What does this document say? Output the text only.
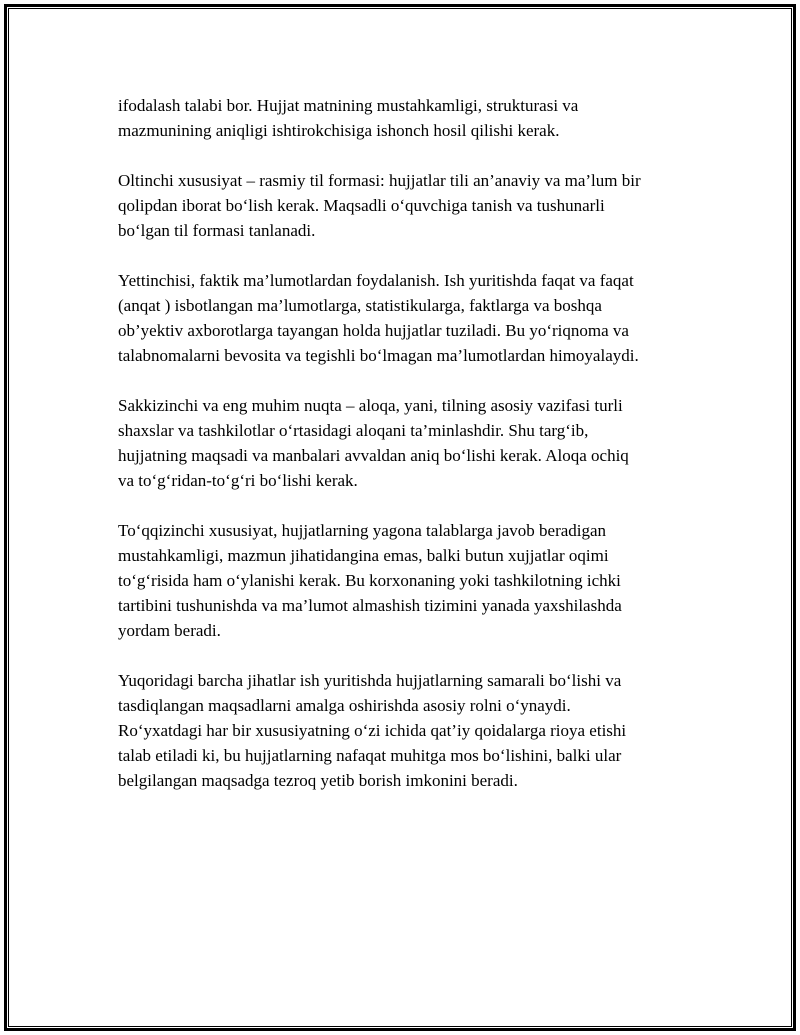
ifodalash talabi bor. Hujjat matnining mustahkamligi, strukturasi va
mazmunining aniqligi ishtirokchisiga ishonch hosil qilishi kerak.

Oltinchi xususiyat – rasmiy til formasi: hujjatlar tili an’anaviy va ma’lum bir
qolipdan iborat bo‘lish kerak. Maqsadli o‘quvchiga tanish va tushunarli
bo‘lgan til formasi tanlanadi.

Yettinchisi, faktik ma’lumotlardan foydalanish. Ish yuritishda faqat va faqat
(anqat ) isbotlangan ma’lumotlarga, statistikularga, faktlarga va boshqa
ob’yektiv axborotlarga tayangan holda hujjatlar tuziladi. Bu yo‘riqnoma va
talabnomalarni bevosita va tegishli bo‘lmagan ma’lumotlardan himoyalaydi.

Sakkizinchi va eng muhim nuqta – aloqa, yani, tilning asosiy vazifasi turli
shaxslar va tashkilotlar o‘rtasidagi aloqani ta’minlashdir. Shu targ‘ib,
hujjatning maqsadi va manbalari avvaldan aniq bo‘lishi kerak. Aloqa ochiq
va to‘g‘ridan-to‘g‘ri bo‘lishi kerak.

To‘qqizinchi xususiyat, hujjatlarning yagona talablarga javob beradigan
mustahkamligi, mazmun jihatidangina emas, balki butun xujjatlar oqimi
to‘g‘risida ham o‘ylanishi kerak. Bu korxonaning yoki tashkilotning ichki
tartibini tushunishda va ma’lumot almashish tizimini yanada yaxshilashda
yordam beradi.

Yuqoridagi barcha jihatlar ish yuritishda hujjatlarning samarali bo‘lishi va
tasdiqlangan maqsadlarni amalga oshirishda asosiy rolni o‘ynaydi.
Ro‘yxatdagi har bir xususiyatning o‘zi ichida qat’iy qoidalarga rioya etishi
talab etiladi ki, bu hujjatlarning nafaqat muhitga mos bo‘lishini, balki ular
belgilangan maqsadga tezroq yetib borish imkonini beradi.
